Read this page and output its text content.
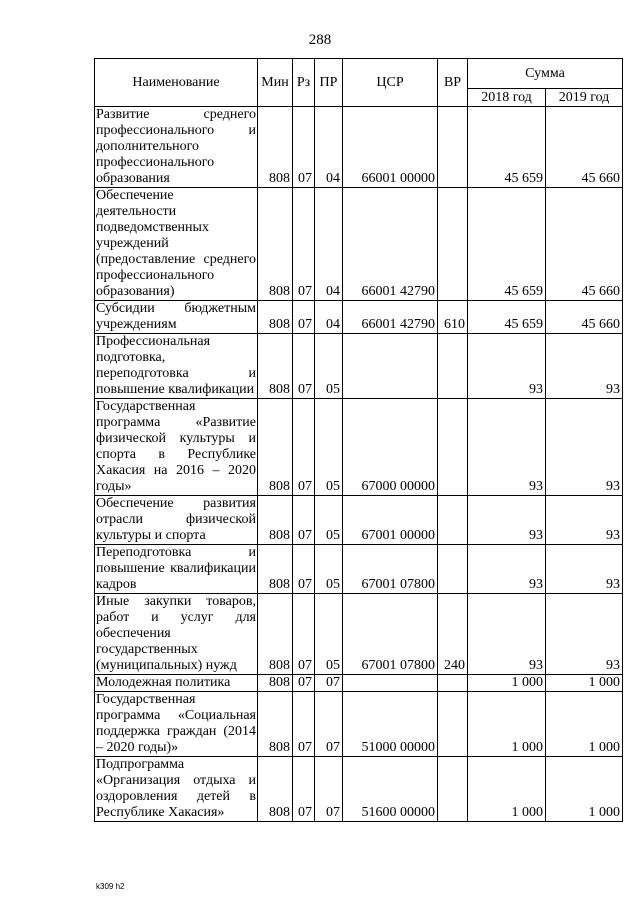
288
Наименование	Мин	Рз	ПР	ЦСР	ВР	Сумма	
						2018 год	2019 год
Развитие среднего профессионального и дополнительного профессионального образования	808	07	04	66001 00000		45 659	45 660
Обеспечение деятельности подведомственных учреждений (предоставление среднего профессионального образования)	808	07	04	66001 42790		45 659	45 660
Субсидии бюджетным учреждениям	808	07	04	66001 42790	610	45 659	45 660
Профессиональная подготовка, переподготовка и повышение квалификации	808	07	05			93	93
Государственная программа «Развитие физической культуры и спорта в Республике Хакасия на 2016 – 2020 годы»	808	07	05	67000 00000		93	93
Обеспечение развития отрасли физической культуры и спорта	808	07	05	67001 00000		93	93
Переподготовка и повышение квалификации кадров	808	07	05	67001 07800		93	93
Иные закупки товаров, работ и услуг для обеспечения государственных (муниципальных) нужд	808	07	05	67001 07800	240	93	93
Молодежная политика	808	07	07			1 000	1 000
Государственная программа «Социальная поддержка граждан (2014 – 2020 годы)»	808	07	07	51000 00000		1 000	1 000
Подпрограмма «Организация отдыха и оздоровления детей в Республике Хакасия»	808	07	07	51600 00000		1 000	1 000
k309 h2
